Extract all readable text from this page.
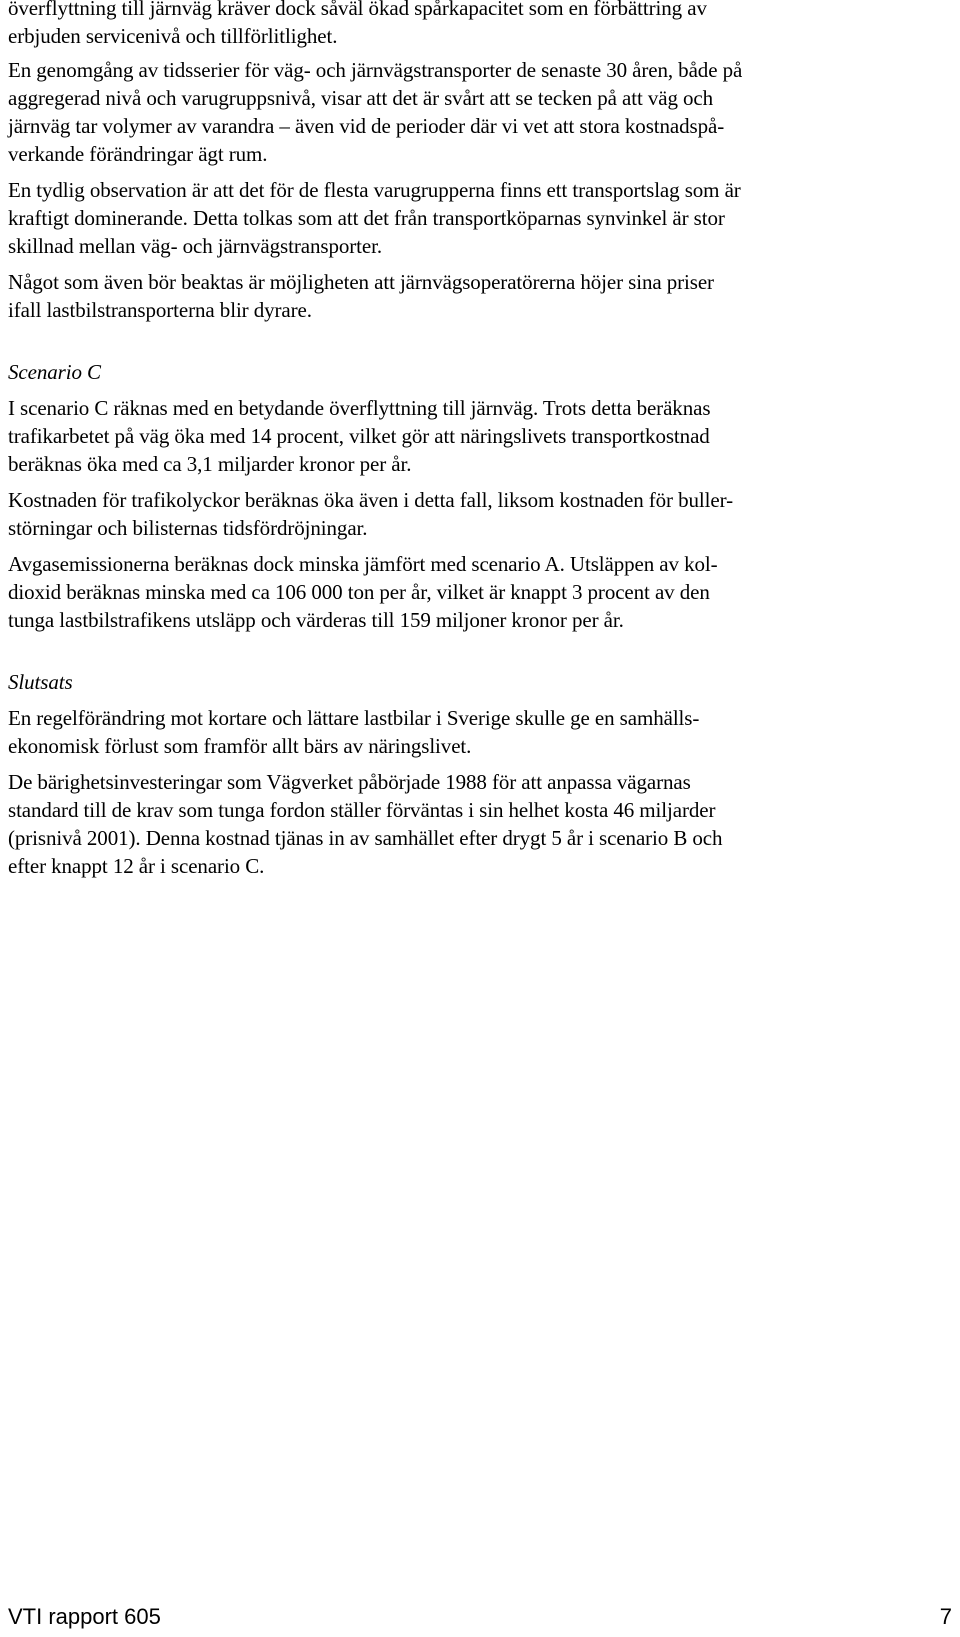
överflyttning till järnväg kräver dock såväl ökad spårkapacitet som en förbättring av
erbjuden servicenivå och tillförlitlighet.

En genomgång av tidsserier för väg- och järnvägstransporter de senaste 30 åren, både på
aggregerad nivå och varugruppsnivå, visar att det är svårt att se tecken på att väg och
järnväg tar volymer av varandra – även vid de perioder där vi vet att stora kostnadspå-
verkande förändringar ägt rum.

En tydlig observation är att det för de flesta varugrupperna finns ett transportslag som är
kraftigt dominerande. Detta tolkas som att det från transportköparnas synvinkel är stor
skillnad mellan väg- och järnvägstransporter.

Något som även bör beaktas är möjligheten att järnvägsoperatörerna höjer sina priser
ifall lastbilstransporterna blir dyrare.

Scenario C

I scenario C räknas med en betydande överflyttning till järnväg. Trots detta beräknas
trafikarbetet på väg öka med 14 procent, vilket gör att näringslivets transportkostnad
beräknas öka med ca 3,1 miljarder kronor per år.

Kostnaden för trafikolyckor beräknas öka även i detta fall, liksom kostnaden för buller-
störningar och bilisternas tidsfördröjningar.

Avgasemissionerna beräknas dock minska jämfört med scenario A. Utsläppen av kol-
dioxid beräknas minska med ca 106 000 ton per år, vilket är knappt 3 procent av den
tunga lastbilstrafikens utsläpp och värderas till 159 miljoner kronor per år.

Slutsats

En regelförändring mot kortare och lättare lastbilar i Sverige skulle ge en samhälls-
ekonomisk förlust som framför allt bärs av näringslivet.

De bärighetsinvesteringar som Vägverket påbörjade 1988 för att anpassa vägarnas
standard till de krav som tunga fordon ställer förväntas i sin helhet kosta 46 miljarder
(prisnivå 2001). Denna kostnad tjänas in av samhället efter drygt 5 år i scenario B och
efter knappt 12 år i scenario C.

VTI rapport 605	7
